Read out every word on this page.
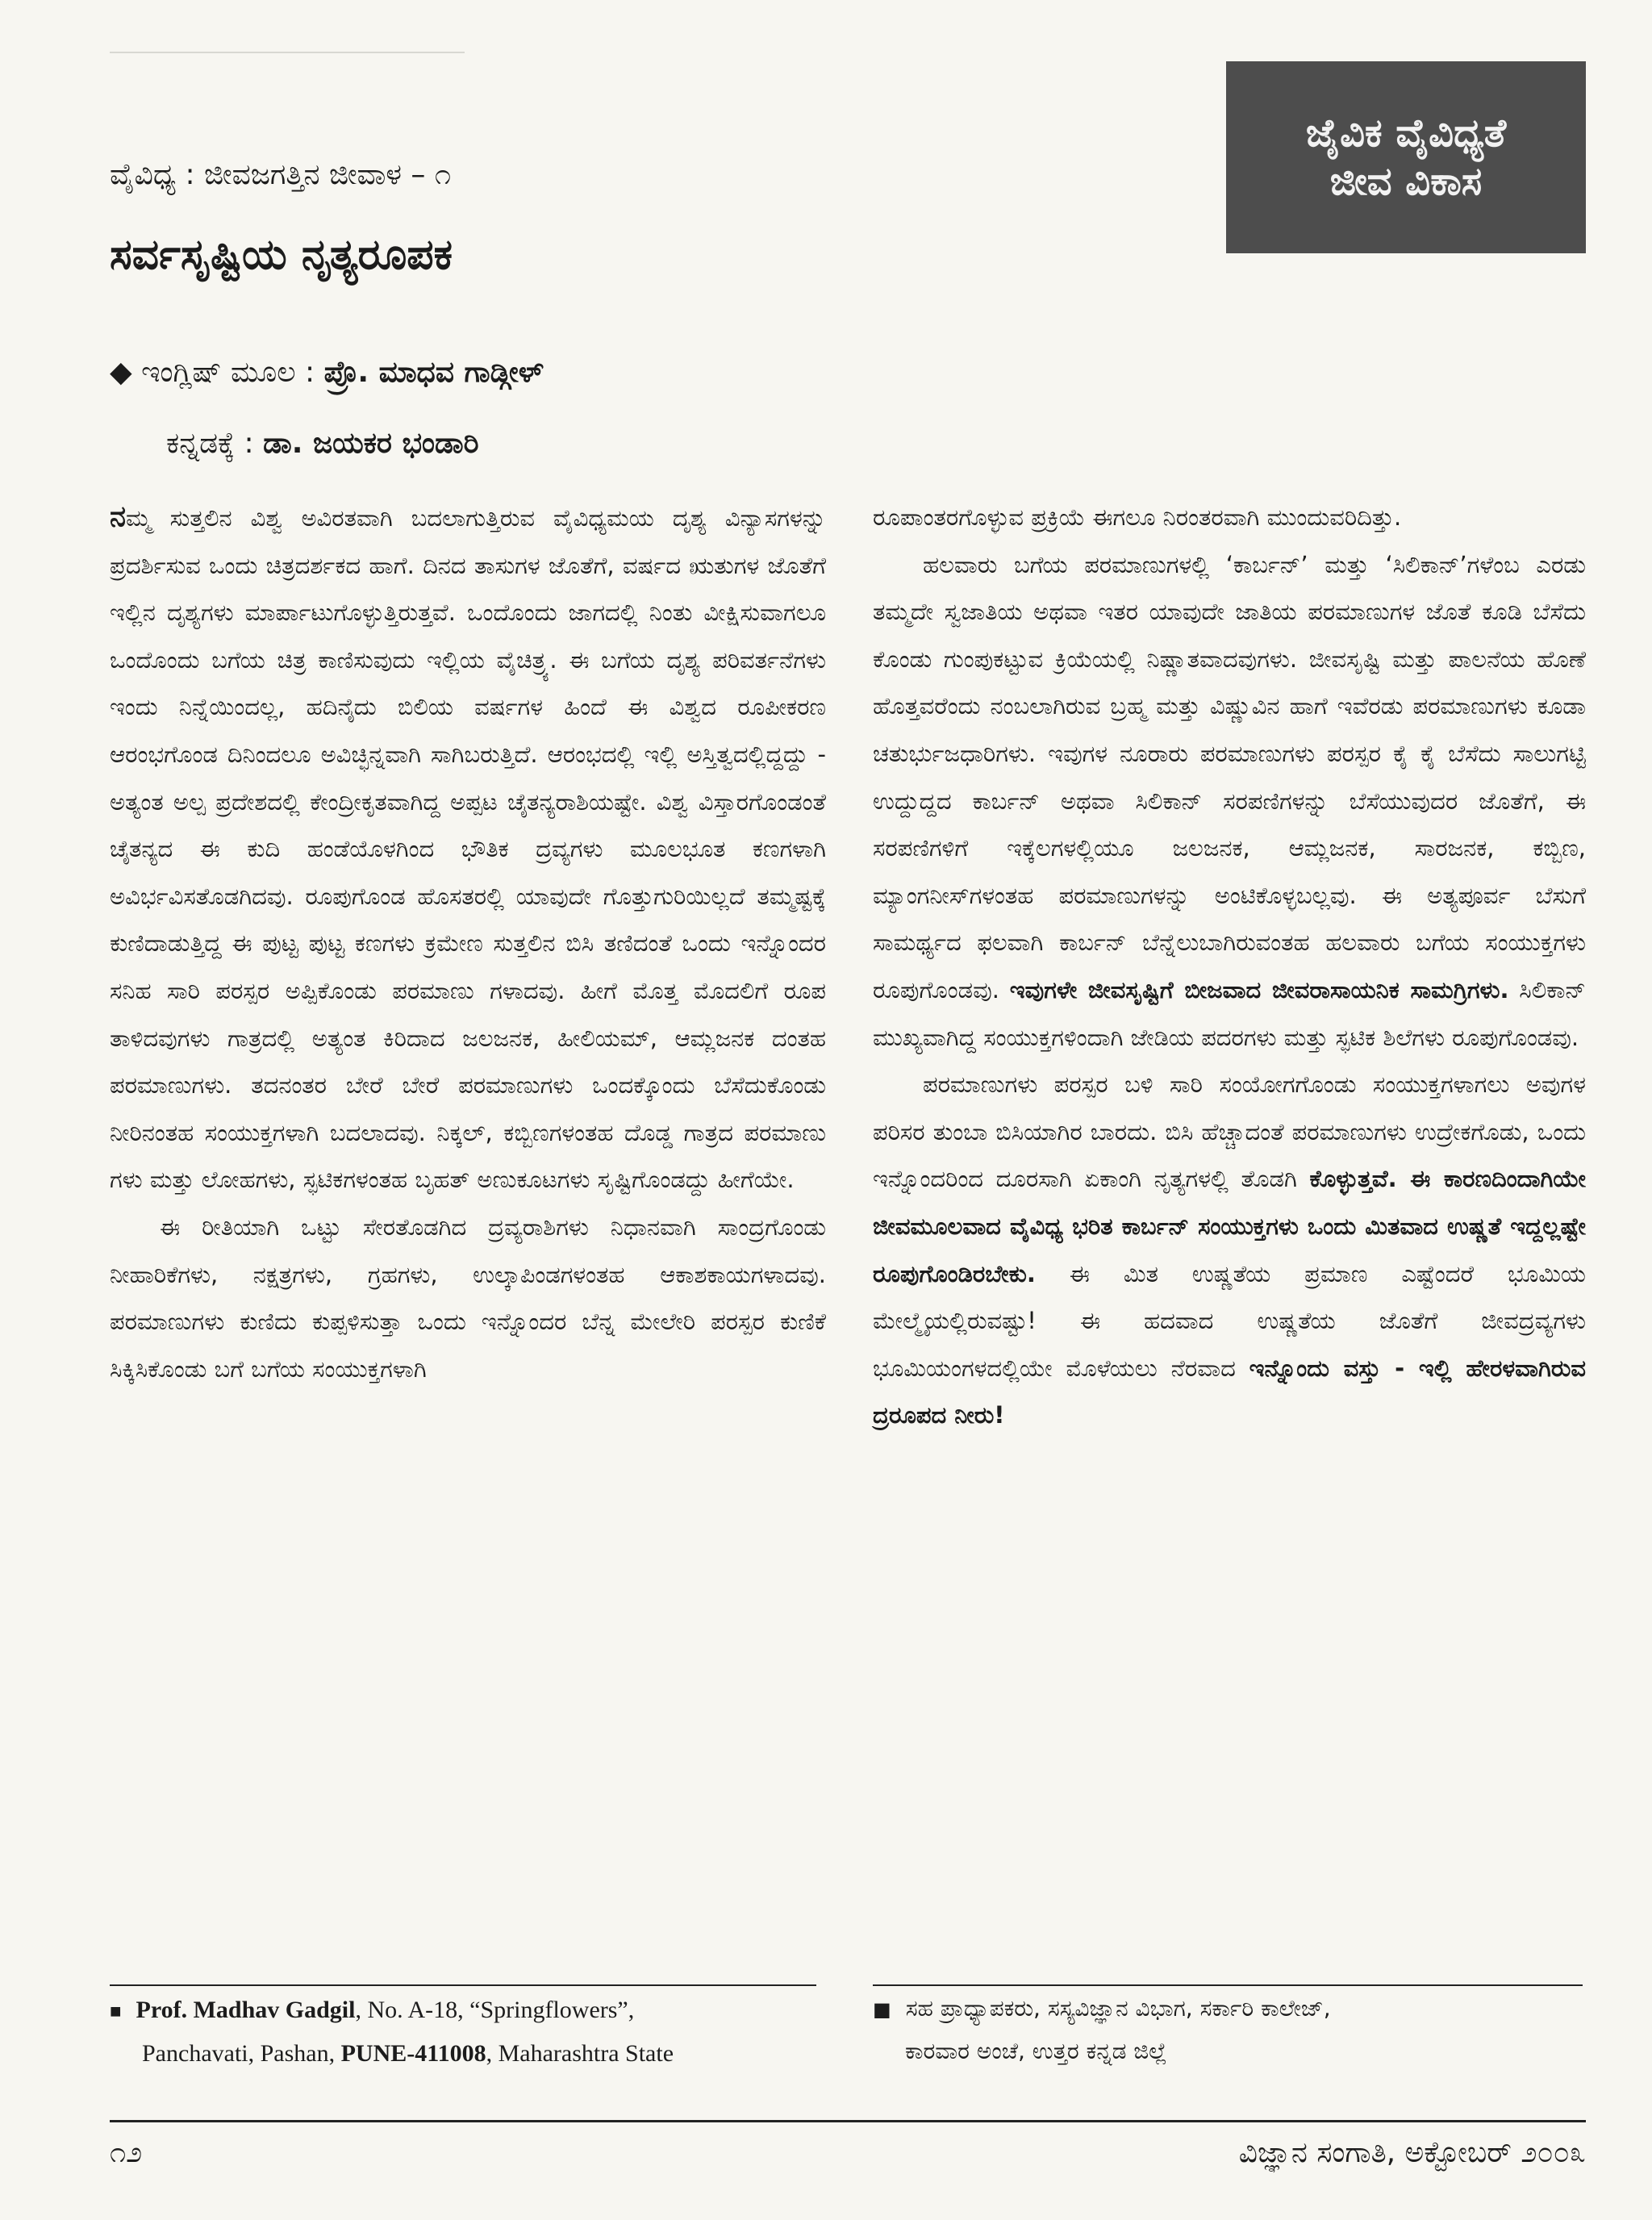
ಜೈವಿಕ ವೈವಿಧ್ಯತೆ
ಜೀವ ವಿಕಾಸ
ವೈವಿಧ್ಯ : ಜೀವಜಗತ್ತಿನ ಜೀವಾಳ – ೧
ಸರ್ವಸೃಷ್ಟಿಯ ನೃತ್ಯರೂಪಕ
◆ ಇಂಗ್ಲಿಷ್ ಮೂಲ : ಪ್ರೊ. ಮಾಧವ ಗಾಡ್ಗೀಳ್
ಕನ್ನಡಕ್ಕೆ : ಡಾ. ಜಯಕರ ಭಂಡಾರಿ

ನಮ್ಮ ಸುತ್ತಲಿನ ವಿಶ್ವ ಅವಿರತವಾಗಿ ಬದಲಾಗುತ್ತಿರುವ ವೈವಿಧ್ಯಮಯ ದೃಶ್ಯ ವಿನ್ಯಾಸಗಳನ್ನು ಪ್ರದರ್ಶಿಸುವ ಒಂದು ಚಿತ್ರದರ್ಶಕದ ಹಾಗೆ. ದಿನದ ತಾಸುಗಳ ಜೊತೆಗೆ, ವರ್ಷದ ಋತುಗಳ ಜೊತೆಗೆ ಇಲ್ಲಿನ ದೃಶ್ಯಗಳು ಮಾರ್ಪಾಟುಗೊಳ್ಳುತ್ತಿರುತ್ತವೆ. ಒಂದೊಂದು ಜಾಗದಲ್ಲಿ ನಿಂತು ವೀಕ್ಷಿಸುವಾಗಲೂ ಒಂದೊಂದು ಬಗೆಯ ಚಿತ್ರ ಕಾಣಿಸುವುದು ಇಲ್ಲಿಯ ವೈಚಿತ್ರ್ಯ. ಈ ಬಗೆಯ ದೃಶ್ಯ ಪರಿವರ್ತನೆಗಳು ಇಂದು ನಿನ್ನೆಯಿಂದಲ್ಲ, ಹದಿನೈದು ಬಿಲಿಯ ವರ್ಷಗಳ ಹಿಂದೆ ಈ ವಿಶ್ವದ ರೂಪೀಕರಣ ಆರಂಭಗೊಂಡ ದಿನಿಂದಲೂ ಅವಿಚ್ಛಿನ್ನವಾಗಿ ಸಾಗಿಬರುತ್ತಿದೆ. ಆರಂಭದಲ್ಲಿ ಇಲ್ಲಿ ಅಸ್ತಿತ್ವದಲ್ಲಿದ್ದದ್ದು - ಅತ್ಯಂತ ಅಲ್ಪ ಪ್ರದೇಶದಲ್ಲಿ ಕೇಂದ್ರೀಕೃತವಾಗಿದ್ದ ಅಪ್ಪಟ ಚೈತನ್ಯರಾಶಿಯಷ್ಟೇ. ವಿಶ್ವ ವಿಸ್ತಾರಗೊಂಡಂತೆ ಚೈತನ್ಯದ ಈ ಕುದಿ ಹಂಡೆಯೊಳಗಿಂದ ಭೌತಿಕ ದ್ರವ್ಯಗಳು ಮೂಲಭೂತ ಕಣಗಳಾಗಿ ಅವಿರ್ಭವಿಸತೊಡಗಿದವು. ರೂಪುಗೊಂಡ ಹೊಸತರಲ್ಲಿ ಯಾವುದೇ ಗೊತ್ತುಗುರಿಯಿಲ್ಲದೆ ತಮ್ಮಷ್ಟಕ್ಕೆ ಕುಣಿದಾಡುತ್ತಿದ್ದ ಈ ಪುಟ್ಟ ಪುಟ್ಟ ಕಣಗಳು ಕ್ರಮೇಣ ಸುತ್ತಲಿನ ಬಿಸಿ ತಣಿದಂತೆ ಒಂದು ಇನ್ನೊಂದರ ಸನಿಹ ಸಾರಿ ಪರಸ್ಪರ ಅಪ್ಪಿಕೊಂಡು ಪರಮಾಣು ಗಳಾದವು. ಹೀಗೆ ಮೊತ್ತ ಮೊದಲಿಗೆ ರೂಪ ತಾಳಿದವುಗಳು ಗಾತ್ರದಲ್ಲಿ ಅತ್ಯಂತ ಕಿರಿದಾದ ಜಲಜನಕ, ಹೀಲಿಯಮ್, ಆಮ್ಲಜನಕ ದಂತಹ ಪರಮಾಣುಗಳು. ತದನಂತರ ಬೇರೆ ಬೇರೆ ಪರಮಾಣುಗಳು ಒಂದಕ್ಕೊಂದು ಬೆಸೆದುಕೊಂಡು ನೀರಿನಂತಹ ಸಂಯುಕ್ತಗಳಾಗಿ ಬದಲಾದವು. ನಿಕ್ಕಲ್, ಕಬ್ಬಿಣಗಳಂತಹ ದೊಡ್ಡ ಗಾತ್ರದ ಪರಮಾಣು ಗಳು ಮತ್ತು ಲೋಹಗಳು, ಸ್ಫಟಿಕಗಳಂತಹ ಬೃಹತ್ ಅಣುಕೂಟಗಳು ಸೃಷ್ಟಿಗೊಂಡದ್ದು ಹೀಗೆಯೇ.

ಈ ರೀತಿಯಾಗಿ ಒಟ್ಟು ಸೇರತೊಡಗಿದ ದ್ರವ್ಯರಾಶಿಗಳು ನಿಧಾನವಾಗಿ ಸಾಂದ್ರಗೊಂಡು ನೀಹಾರಿಕೆಗಳು, ನಕ್ಷತ್ರಗಳು, ಗ್ರಹಗಳು, ಉಲ್ಕಾಪಿಂಡಗಳಂತಹ ಆಕಾಶಕಾಯಗಳಾದವು. ಪರಮಾಣುಗಳು ಕುಣಿದು ಕುಪ್ಪಳಿಸುತ್ತಾ ಒಂದು ಇನ್ನೊಂದರ ಬೆನ್ನ ಮೇಲೇರಿ ಪರಸ್ಪರ ಕುಣಿಕೆ ಸಿಕ್ಕಿಸಿಕೊಂಡು ಬಗೆ ಬಗೆಯ ಸಂಯುಕ್ತಗಳಾಗಿ

ರೂಪಾಂತರಗೊಳ್ಳುವ ಪ್ರಕ್ರಿಯೆ ಈಗಲೂ ನಿರಂತರವಾಗಿ ಮುಂದುವರಿದಿತ್ತು.

ಹಲವಾರು ಬಗೆಯ ಪರಮಾಣುಗಳಲ್ಲಿ ‘ಕಾರ್ಬನ್’ ಮತ್ತು ‘ಸಿಲಿಕಾನ್’ಗಳೆಂಬ ಎರಡು ತಮ್ಮದೇ ಸ್ವಜಾತಿಯ ಅಥವಾ ಇತರ ಯಾವುದೇ ಜಾತಿಯ ಪರಮಾಣುಗಳ ಜೊತೆ ಕೂಡಿ ಬೆಸೆದು ಕೊಂಡು ಗುಂಪುಕಟ್ಟುವ ಕ್ರಿಯೆಯಲ್ಲಿ ನಿಷ್ಣಾತವಾದವುಗಳು. ಜೀವಸೃಷ್ಟಿ ಮತ್ತು ಪಾಲನೆಯ ಹೊಣೆ ಹೊತ್ತವರೆಂದು ನಂಬಲಾಗಿರುವ ಬ್ರಹ್ಮ ಮತ್ತು ವಿಷ್ಣುವಿನ ಹಾಗೆ ಇವೆರಡು ಪರಮಾಣುಗಳು ಕೂಡಾ ಚತುರ್ಭುಜಧಾರಿಗಳು. ಇವುಗಳ ನೂರಾರು ಪರಮಾಣುಗಳು ಪರಸ್ಪರ ಕೈ ಕೈ ಬೆಸೆದು ಸಾಲುಗಟ್ಟಿ ಉದ್ದುದ್ದದ ಕಾರ್ಬನ್ ಅಥವಾ ಸಿಲಿಕಾನ್ ಸರಪಣಿಗಳನ್ನು ಬೆಸೆಯುವುದರ ಜೊತೆಗೆ, ಈ ಸರಪಣಿಗಳಿಗೆ ಇಕ್ಕೆಲಗಳಲ್ಲಿಯೂ ಜಲಜನಕ, ಆಮ್ಲಜನಕ, ಸಾರಜನಕ, ಕಬ್ಬಿಣ, ಮ್ಯಾಂಗನೀಸ್‌ಗಳಂತಹ ಪರಮಾಣುಗಳನ್ನು ಅಂಟಿಕೊಳ್ಳಬಲ್ಲವು. ಈ ಅತ್ಯಪೂರ್ವ ಬೆಸುಗೆ ಸಾಮರ್ಥ್ಯದ ಫಲವಾಗಿ ಕಾರ್ಬನ್ ಬೆನ್ನೆಲುಬಾಗಿರುವಂತಹ ಹಲವಾರು ಬಗೆಯ ಸಂಯುಕ್ತಗಳು ರೂಪುಗೊಂಡವು. ಇವುಗಳೇ ಜೀವಸೃಷ್ಟಿಗೆ ಬೀಜವಾದ ಜೀವರಾಸಾಯನಿಕ ಸಾಮಗ್ರಿಗಳು. ಸಿಲಿಕಾನ್ ಮುಖ್ಯವಾಗಿದ್ದ ಸಂಯುಕ್ತಗಳಿಂದಾಗಿ ಜೇಡಿಯ ಪದರಗಳು ಮತ್ತು ಸ್ಫಟಿಕ ಶಿಲೆಗಳು ರೂಪುಗೊಂಡವು.

ಪರಮಾಣುಗಳು ಪರಸ್ಪರ ಬಳಿ ಸಾರಿ ಸಂಯೋಗಗೊಂಡು ಸಂಯುಕ್ತಗಳಾಗಲು ಅವುಗಳ ಪರಿಸರ ತುಂಬಾ ಬಿಸಿಯಾಗಿರ ಬಾರದು. ಬಿಸಿ ಹೆಚ್ಚಾದಂತೆ ಪರಮಾಣುಗಳು ಉದ್ರೇಕಗೊಡು, ಒಂದು ಇನ್ನೊಂದರಿಂದ ದೂರಸಾಗಿ ಏಕಾಂಗಿ ನೃತ್ಯಗಳಲ್ಲಿ ತೊಡಗಿ ಕೊಳ್ಳುತ್ತವೆ. ಈ ಕಾರಣದಿಂದಾಗಿಯೇ ಜೀವಮೂಲವಾದ ವೈವಿಧ್ಯ ಭರಿತ ಕಾರ್ಬನ್ ಸಂಯುಕ್ತಗಳು ಒಂದು ಮಿತವಾದ ಉಷ್ಣತೆ ಇದ್ದಲ್ಲಷ್ಟೇ ರೂಪುಗೊಂಡಿರಬೇಕು. ಈ ಮಿತ ಉಷ್ಣತೆಯ ಪ್ರಮಾಣ ಎಷ್ಟೆಂದರೆ ಭೂಮಿಯ ಮೇಲ್ಮೈಯಲ್ಲಿರುವಷ್ಟು! ಈ ಹದವಾದ ಉಷ್ಣತೆಯ ಜೊತೆಗೆ ಜೀವದ್ರವ್ಯಗಳು ಭೂಮಿಯಂಗಳದಲ್ಲಿಯೇ ಮೊಳೆಯಲು ನೆರವಾದ ಇನ್ನೊಂದು ವಸ್ತು - ಇಲ್ಲಿ ಹೇರಳವಾಗಿರುವ ದ್ರರೂಪದ ನೀರು!

■ Prof. Madhav Gadgil, No. A-18, “Springflowers”,
Panchavati, Pashan, PUNE-411008, Maharashtra State
■ ಸಹ ಪ್ರಾಧ್ಯಾಪಕರು, ಸಸ್ಯವಿಜ್ಞಾನ ವಿಭಾಗ, ಸರ್ಕಾರಿ ಕಾಲೇಜ್,
ಕಾರವಾರ ಅಂಚೆ, ಉತ್ತರ ಕನ್ನಡ ಜಿಲ್ಲೆ
೧೨	ವಿಜ್ಞಾನ ಸಂಗಾತಿ, ಅಕ್ಟೋಬರ್ ೨೦೦೩
